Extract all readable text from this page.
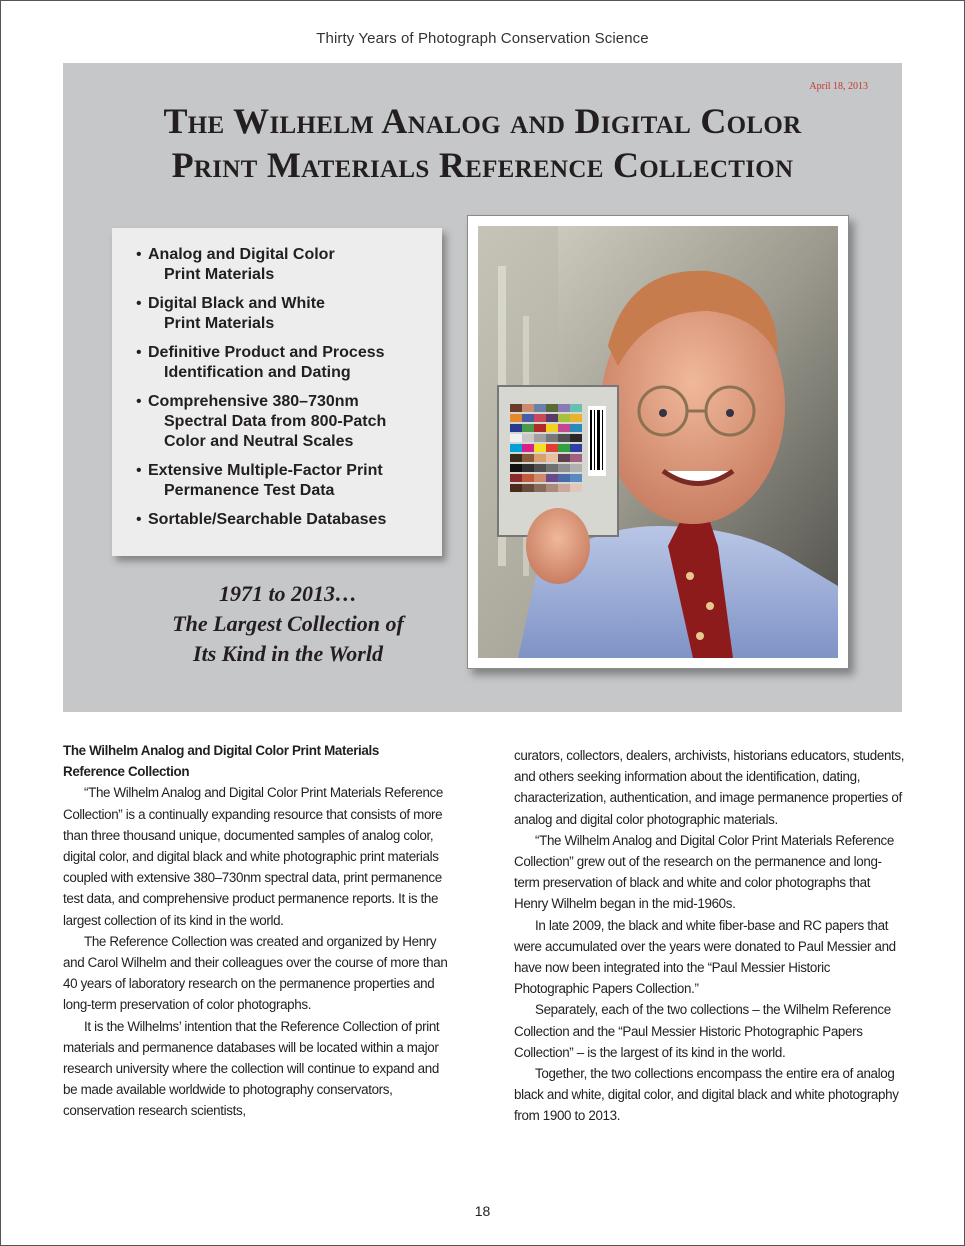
Thirty Years of Photograph Conservation Science
April 18, 2013
The Wilhelm Analog and Digital Color
Print Materials Reference Collection
• Analog and Digital Color
Print Materials
• Digital Black and White
Print Materials
• Definitive Product and Process
Identification and Dating
• Comprehensive 380–730nm
Spectral Data from 800-Patch
Color and Neutral Scales
• Extensive Multiple-Factor Print
Permanence Test Data
• Sortable/Searchable Databases
1971 to 2013…
The Largest Collection of
Its Kind in the World
The Wilhelm Analog and Digital Color Print Materials
Reference Collection

“The Wilhelm Analog and Digital Color Print Materials Reference Collection” is a continually expanding resource that consists of more than three thousand unique, documented samples of analog color, digital color, and digital black and white photographic print materials coupled with extensive 380–730nm spectral data, print permanence test data, and comprehensive product permanence reports. It is the largest collection of its kind in the world.

The Reference Collection was created and organized by Henry and Carol Wilhelm and their colleagues over the course of more than 40 years of laboratory research on the permanence properties and long-term preservation of color photographs.

It is the Wilhelms’ intention that the Reference Collection of print materials and permanence databases will be located within a major research university where the collection will continue to expand and be made available worldwide to photography conservators, conservation research scientists,

curators, collectors, dealers, archivists, historians educators, students, and others seeking information about the identification, dating, characterization, authentication, and image permanence properties of analog and digital color photographic materials.

“The Wilhelm Analog and Digital Color Print Materials Reference Collection” grew out of the research on the permanence and long-term preservation of black and white and color photographs that Henry Wilhelm began in the mid-1960s.

In late 2009, the black and white fiber-base and RC papers that were accumulated over the years were donated to Paul Messier and have now been integrated into the “Paul Messier Historic Photographic Papers Collection.”

Separately, each of the two collections – the Wilhelm Reference Collection and the “Paul Messier Historic Photographic Papers Collection” – is the largest of its kind in the world.

Together, the two collections encompass the entire era of analog black and white, digital color, and digital black and white photography from 1900 to 2013.

18
